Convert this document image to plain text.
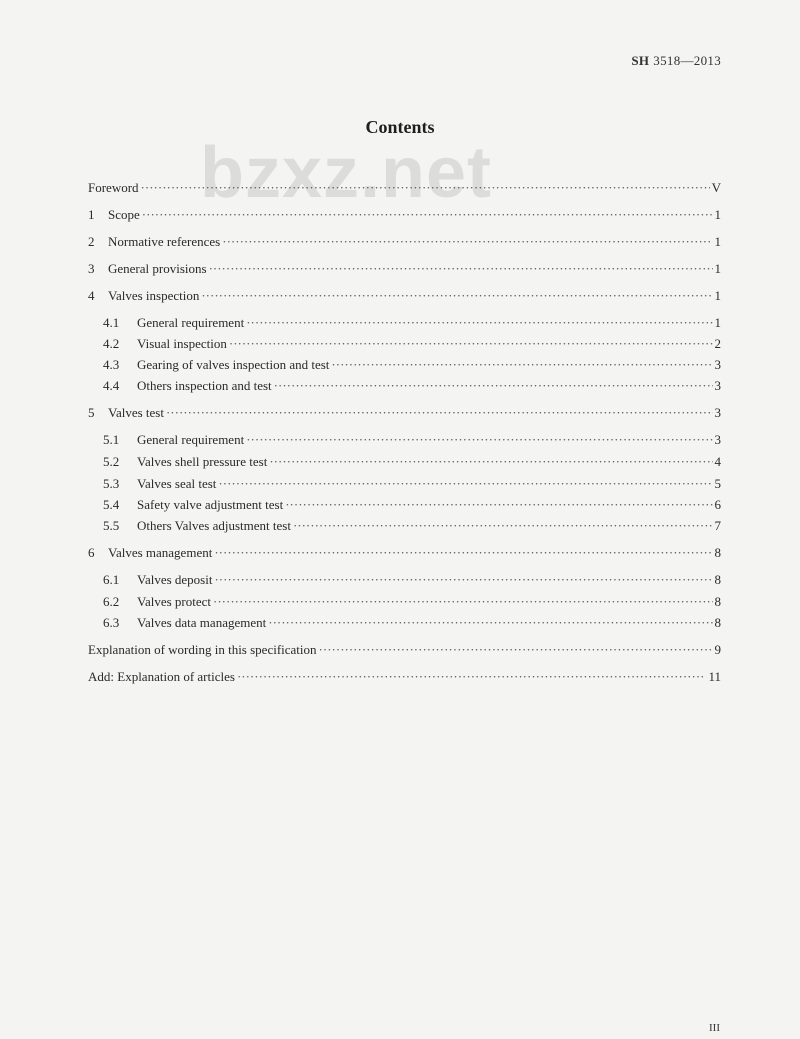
SH 3518—2013
bzxz.net
Contents
Foreword ·····	V
1	Scope ·····	1
2	Normative references ·····	1
3	General provisions ·····	1
4	Valves inspection ·····	1
4.1	General requirement ·····	1
4.2	Visual inspection ·····	2
4.3	Gearing of valves inspection and test ·····	3
4.4	Others inspection and test ·····	3
5	Valves test ·····	3
5.1	General requirement ·····	3
5.2	Valves shell pressure test ·····	4
5.3	Valves seal test ·····	5
5.4	Safety valve adjustment test ·····	6
5.5	Others Valves adjustment test ·····	7
6	Valves management ·····	8
6.1	Valves deposit ·····	8
6.2	Valves protect ·····	8
6.3	Valves data management ·····	8
Explanation of wording in this specification ·····	9
Add: Explanation of articles ·····	11
III
